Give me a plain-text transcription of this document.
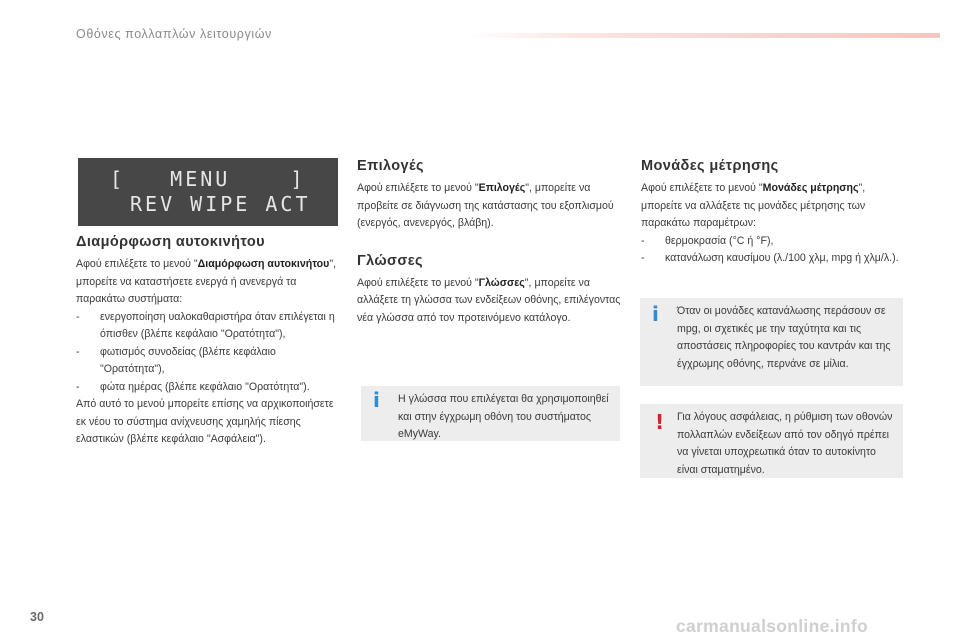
Οθόνες πολλαπλών λειτουργιών
[   MENU    ]
REV WIPE ACT
Διαμόρφωση αυτοκινήτου

Αφού επιλέξετε το μενού "Διαμόρφωση αυτοκινήτου", μπορείτε να καταστήσετε ενεργά ή ανενεργά τα παρακάτω συστήματα:

- ενεργοποίηση υαλοκαθαριστήρα όταν επιλέγεται η όπισθεν (βλέπε κεφάλαιο "Ορατότητα"),
- φωτισμός συνοδείας (βλέπε κεφάλαιο "Ορατότητα"),
- φώτα ημέρας (βλέπε κεφάλαιο "Ορατότητα").
Από αυτό το μενού μπορείτε επίσης να αρχικοποιήσετε εκ νέου το σύστημα ανίχνευσης χαμηλής πίεσης ελαστικών (βλέπε κεφάλαιο "Ασφάλεια").
Επιλογές

Αφού επιλέξετε το μενού "Επιλογές", μπορείτε να προβείτε σε διάγνωση της κατάστασης του εξοπλισμού (ενεργός, ανενεργός, βλάβη).

Γλώσσες

Αφού επιλέξετε το μενού "Γλώσσες", μπορείτε να αλλάξετε τη γλώσσα των ενδείξεων οθόνης, επιλέγοντας νέα γλώσσα από τον προτεινόμενο κατάλογο.

i Η γλώσσα που επιλέγεται θα χρησιμοποιηθεί και στην έγχρωμη οθόνη του συστήματος eMyWay.
Μονάδες μέτρησης

Αφού επιλέξετε το μενού "Μονάδες μέτρησης", μπορείτε να αλλάξετε τις μονάδες μέτρησης των παρακάτω παραμέτρων:

- θερμοκρασία (°C ή °F),
- κατανάλωση καυσίμου (λ./100 χλμ, mpg ή χλμ/λ.).
i Όταν οι μονάδες κατανάλωσης περάσουν σε mpg, οι σχετικές με την ταχύτητα και τις αποστάσεις πληροφορίες του καντράν και της έγχρωμης οθόνης, περνάνε σε μίλια.
! Για λόγους ασφάλειας, η ρύθμιση των οθονών πολλαπλών ενδείξεων από τον οδηγό πρέπει να γίνεται υποχρεωτικά όταν το αυτοκίνητο είναι σταματημένο.
30	carmanualsonline.info
